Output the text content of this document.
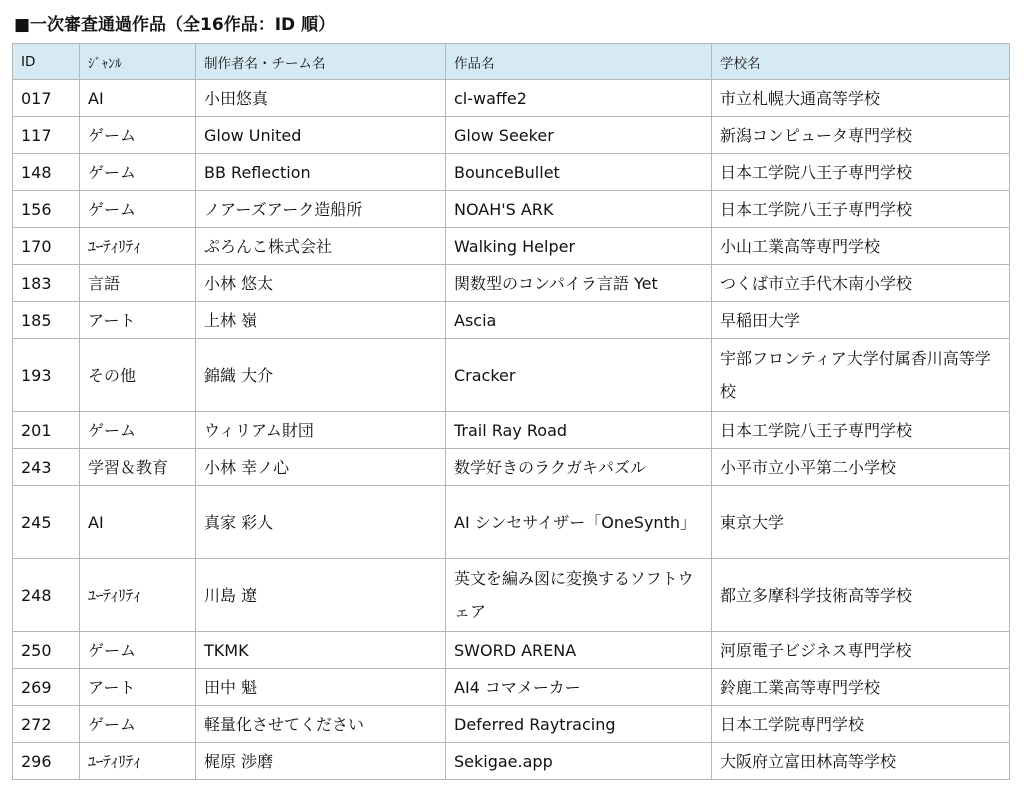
■一次審査通過作品（全16作品：ID 順）
ID	ｼﾞｬﾝﾙ	制作者名・チーム名	作品名	学校名
017	AI	小田悠真	cl-waffe2	市立札幌大通高等学校
117	ゲーム	Glow United	Glow Seeker	新潟コンピュータ専門学校
148	ゲーム	BB Reflection	BounceBullet	日本工学院八王子専門学校
156	ゲーム	ノアーズアーク造船所	NOAH'S ARK	日本工学院八王子専門学校
170	ﾕｰﾃｨﾘﾃｨ	ぷろんこ株式会社	Walking Helper	小山工業高等専門学校
183	言語	小林 悠太	関数型のコンパイラ言語 Yet	つくば市立手代木南小学校
185	アート	上林 嶺	Ascia	早稲田大学
193	その他	錦織 大介	Cracker	宇部フロンティア大学付属香川高等学校
201	ゲーム	ウィリアム財団	Trail Ray Road	日本工学院八王子専門学校
243	学習＆教育	小林 幸ノ心	数学好きのラクガキパズル	小平市立小平第二小学校
245	AI	真家 彩人	AI シンセサイザー「OneSynth」	東京大学
248	ﾕｰﾃｨﾘﾃｨ	川島 遼	英文を編み図に変換するソフトウェア	都立多摩科学技術高等学校
250	ゲーム	TKMK	SWORD ARENA	河原電子ビジネス専門学校
269	アート	田中 魁	AI4 コマメーカー	鈴鹿工業高等専門学校
272	ゲーム	軽量化させてください	Deferred Raytracing	日本工学院専門学校
296	ﾕｰﾃｨﾘﾃｨ	梶原 渉磨	Sekigae.app	大阪府立富田林高等学校
